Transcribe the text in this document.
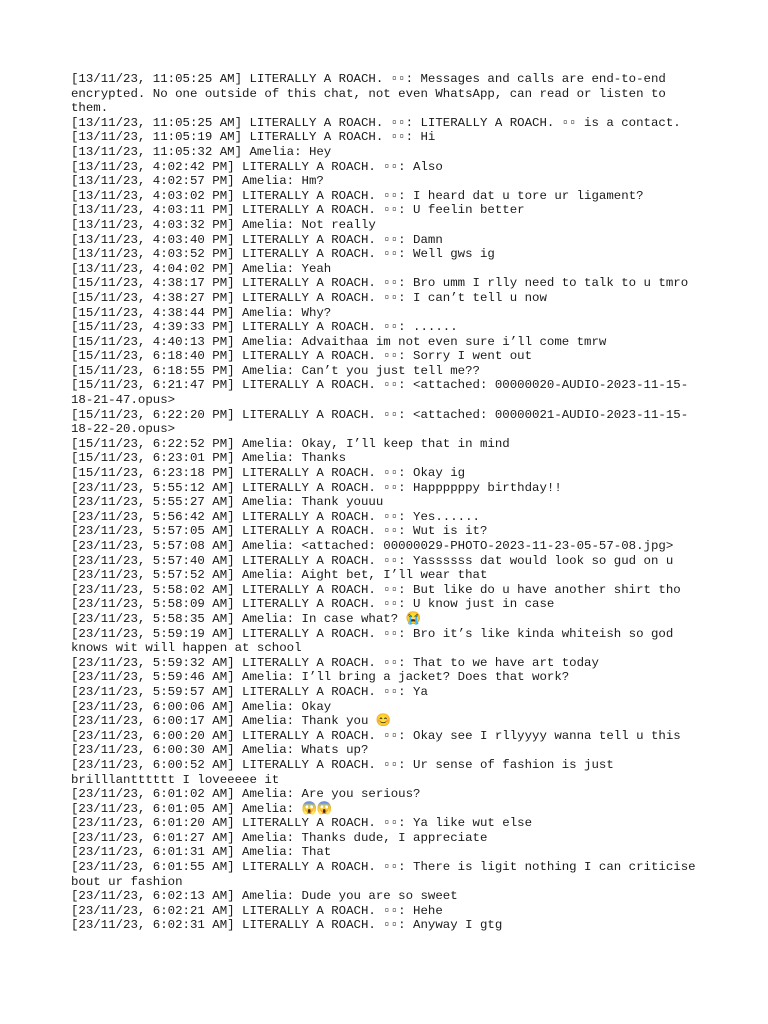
[13/11/23, 11:05:25 AM] LITERALLY A ROACH. ▫▫: Messages and calls are end-to-end encrypted. No one outside of this chat, not even WhatsApp, can read or listen to them.

[13/11/23, 11:05:25 AM] LITERALLY A ROACH. ▫▫: LITERALLY A ROACH. ▫▫ is a contact.

[13/11/23, 11:05:19 AM] LITERALLY A ROACH. ▫▫: Hi

[13/11/23, 11:05:32 AM] Amelia: Hey

[13/11/23, 4:02:42 PM] LITERALLY A ROACH. ▫▫: Also

[13/11/23, 4:02:57 PM] Amelia: Hm?

[13/11/23, 4:03:02 PM] LITERALLY A ROACH. ▫▫: I heard dat u tore ur ligament?

[13/11/23, 4:03:11 PM] LITERALLY A ROACH. ▫▫: U feelin better

[13/11/23, 4:03:32 PM] Amelia: Not really

[13/11/23, 4:03:40 PM] LITERALLY A ROACH. ▫▫: Damn

[13/11/23, 4:03:52 PM] LITERALLY A ROACH. ▫▫: Well gws ig

[13/11/23, 4:04:02 PM] Amelia: Yeah

[15/11/23, 4:38:17 PM] LITERALLY A ROACH. ▫▫: Bro umm I rlly need to talk to u tmro

[15/11/23, 4:38:27 PM] LITERALLY A ROACH. ▫▫: I can’t tell u now

[15/11/23, 4:38:44 PM] Amelia: Why?

[15/11/23, 4:39:33 PM] LITERALLY A ROACH. ▫▫: ......

[15/11/23, 4:40:13 PM] Amelia: Advaithaa im not even sure i’ll come tmrw

[15/11/23, 6:18:40 PM] LITERALLY A ROACH. ▫▫: Sorry I went out

[15/11/23, 6:18:55 PM] Amelia: Can’t you just tell me??

[15/11/23, 6:21:47 PM] LITERALLY A ROACH. ▫▫: <attached: 00000020-AUDIO-2023-11-15-18-21-47.opus>

[15/11/23, 6:22:20 PM] LITERALLY A ROACH. ▫▫: <attached: 00000021-AUDIO-2023-11-15-18-22-20.opus>

[15/11/23, 6:22:52 PM] Amelia: Okay, I’ll keep that in mind

[15/11/23, 6:23:01 PM] Amelia: Thanks

[15/11/23, 6:23:18 PM] LITERALLY A ROACH. ▫▫: Okay ig

[23/11/23, 5:55:12 AM] LITERALLY A ROACH. ▫▫: Happppppy birthday!!

[23/11/23, 5:55:27 AM] Amelia: Thank youuu

[23/11/23, 5:56:42 AM] LITERALLY A ROACH. ▫▫: Yes......

[23/11/23, 5:57:05 AM] LITERALLY A ROACH. ▫▫: Wut is it?

[23/11/23, 5:57:08 AM] Amelia: <attached: 00000029-PHOTO-2023-11-23-05-57-08.jpg>

[23/11/23, 5:57:40 AM] LITERALLY A ROACH. ▫▫: Yassssss dat would look so gud on u

[23/11/23, 5:57:52 AM] Amelia: Aight bet, I’ll wear that

[23/11/23, 5:58:02 AM] LITERALLY A ROACH. ▫▫: But like do u have another shirt tho

[23/11/23, 5:58:09 AM] LITERALLY A ROACH. ▫▫: U know just in case

[23/11/23, 5:58:35 AM] Amelia: In case what? 😭

[23/11/23, 5:59:19 AM] LITERALLY A ROACH. ▫▫: Bro it’s like kinda whiteish so god knows wit will happen at school

[23/11/23, 5:59:32 AM] LITERALLY A ROACH. ▫▫: That to we have art today

[23/11/23, 5:59:46 AM] Amelia: I’ll bring a jacket? Does that work?

[23/11/23, 5:59:57 AM] LITERALLY A ROACH. ▫▫: Ya

[23/11/23, 6:00:06 AM] Amelia: Okay

[23/11/23, 6:00:17 AM] Amelia: Thank you 😊

[23/11/23, 6:00:20 AM] LITERALLY A ROACH. ▫▫: Okay see I rllyyyy wanna tell u this

[23/11/23, 6:00:30 AM] Amelia: Whats up?

[23/11/23, 6:00:52 AM] LITERALLY A ROACH. ▫▫: Ur sense of fashion is just brilllantttttt I loveeeee it

[23/11/23, 6:01:02 AM] Amelia: Are you serious?

[23/11/23, 6:01:05 AM] Amelia: 😱😱

[23/11/23, 6:01:20 AM] LITERALLY A ROACH. ▫▫: Ya like wut else

[23/11/23, 6:01:27 AM] Amelia: Thanks dude, I appreciate

[23/11/23, 6:01:31 AM] Amelia: That

[23/11/23, 6:01:55 AM] LITERALLY A ROACH. ▫▫: There is ligit nothing I can criticise bout ur fashion

[23/11/23, 6:02:13 AM] Amelia: Dude you are so sweet

[23/11/23, 6:02:21 AM] LITERALLY A ROACH. ▫▫: Hehe

[23/11/23, 6:02:31 AM] LITERALLY A ROACH. ▫▫: Anyway I gtg
